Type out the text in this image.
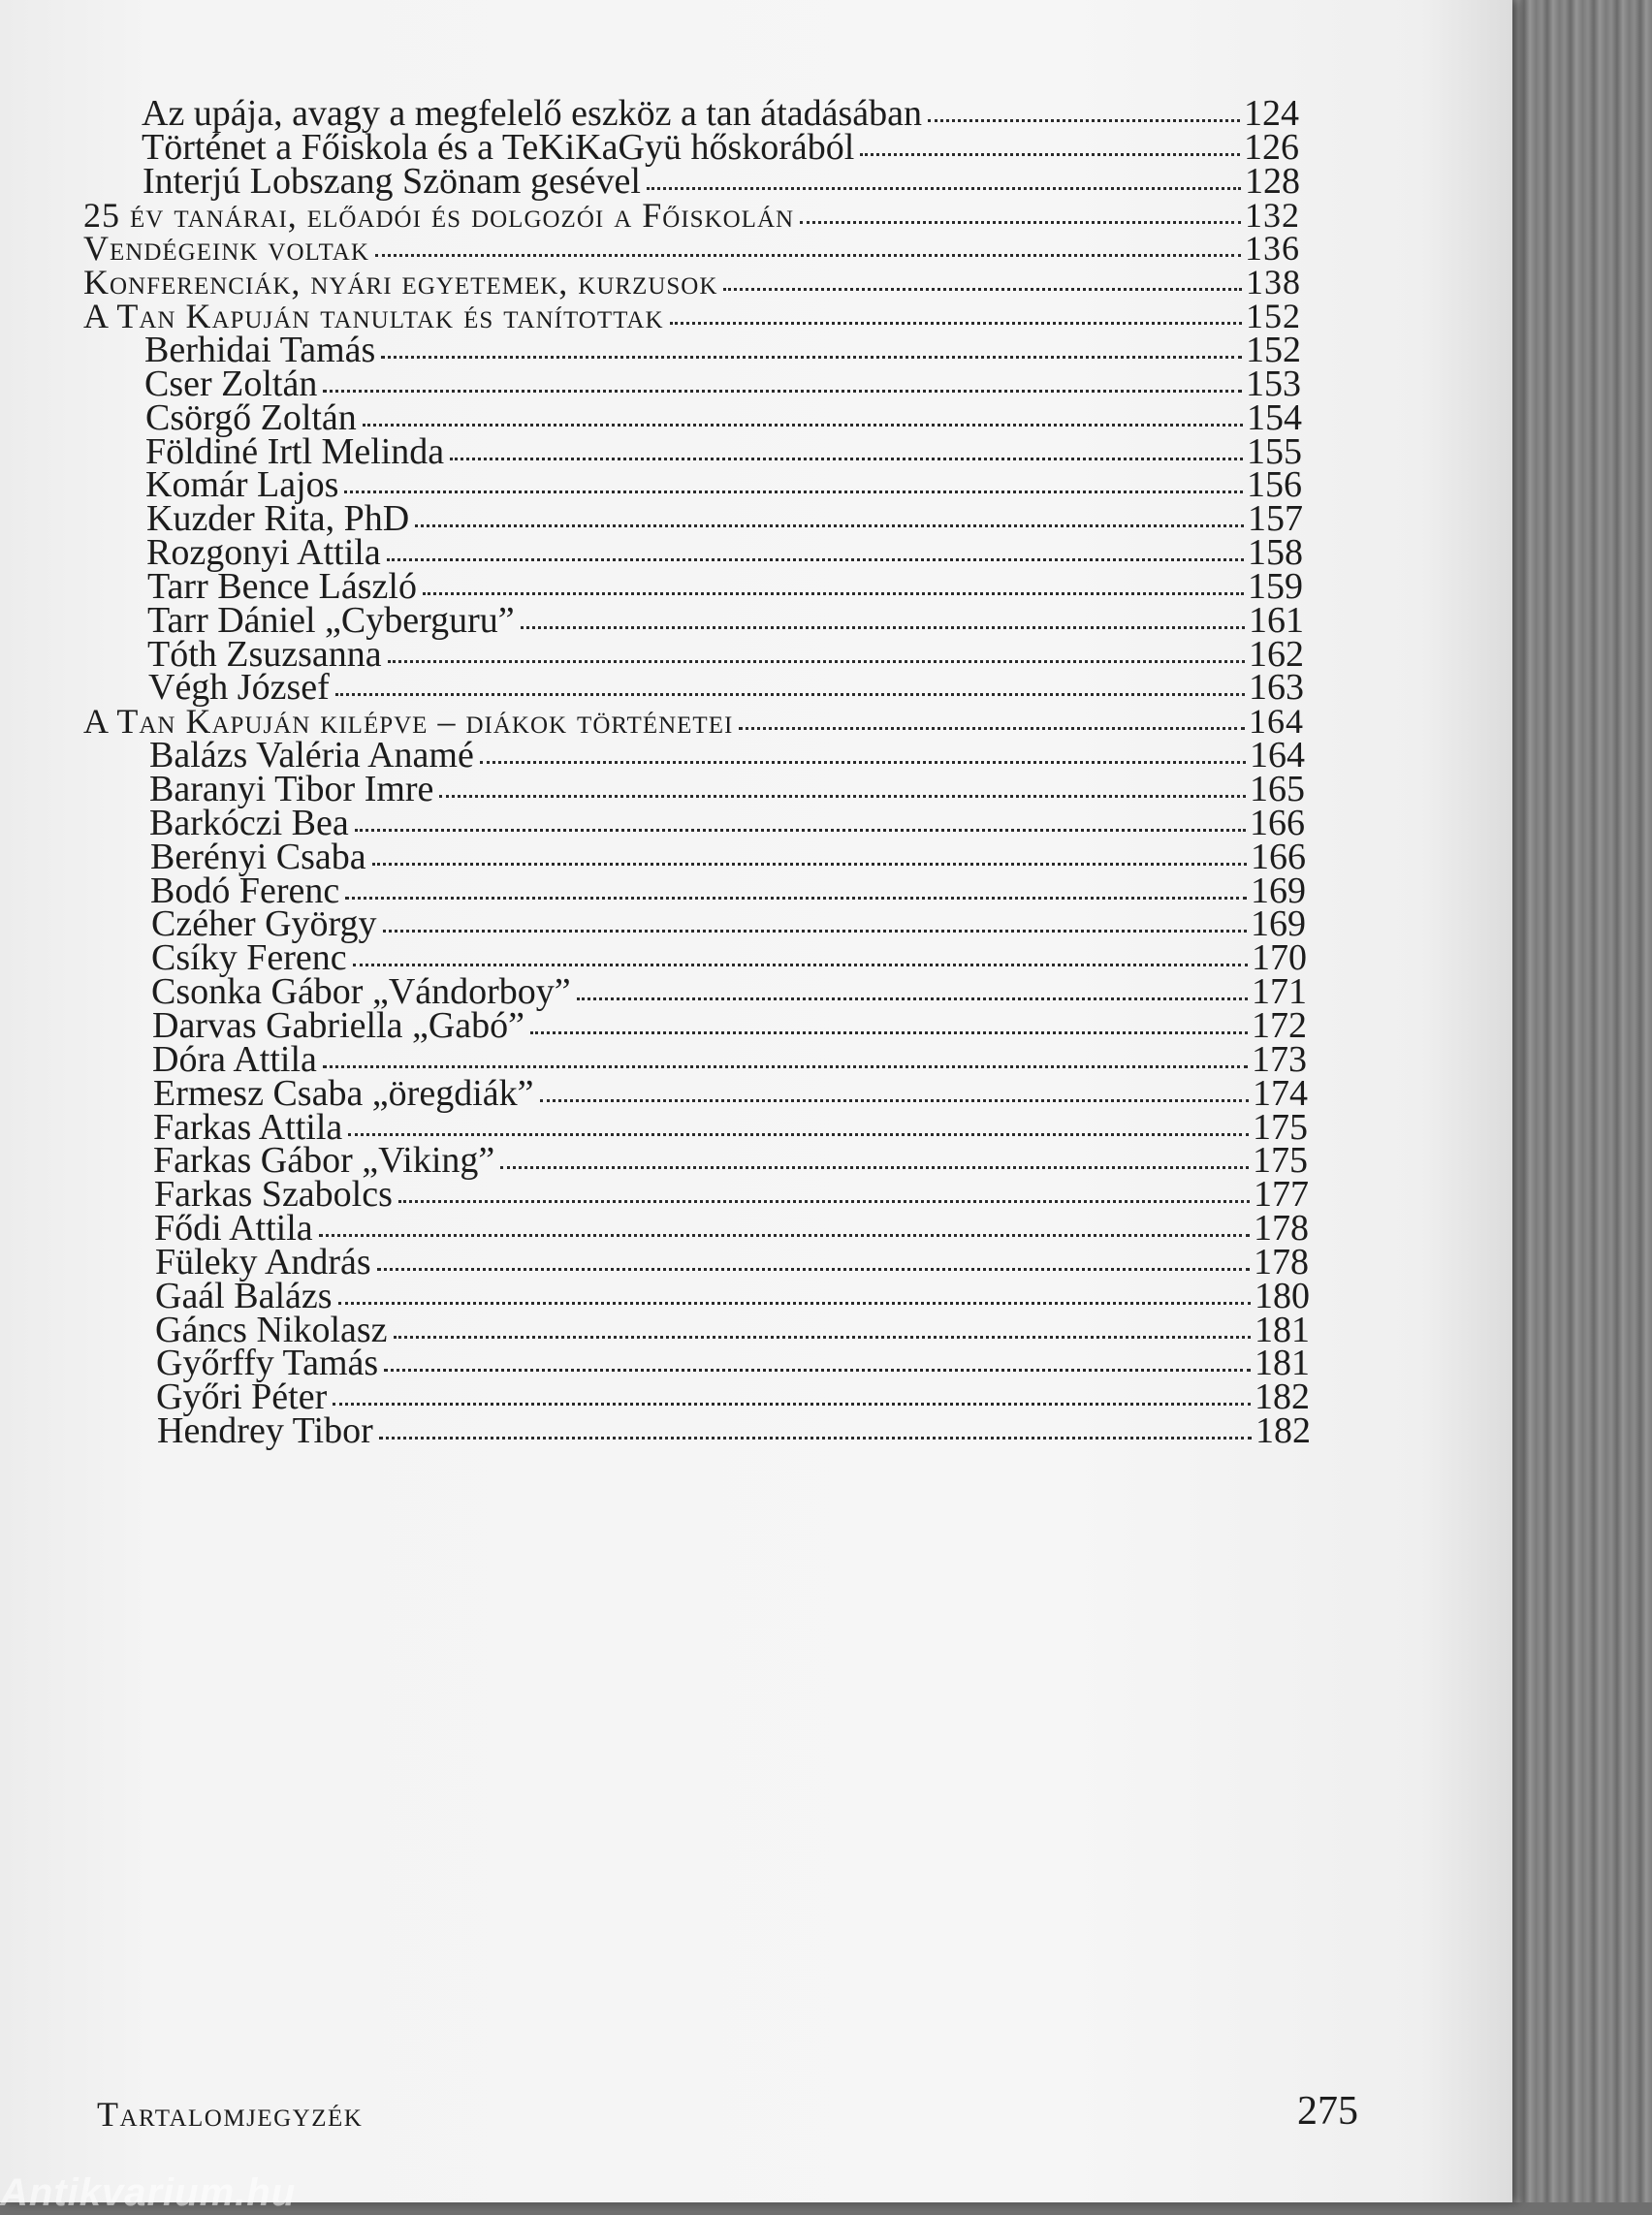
Az upája, avagy a megfelelő eszköz a tan átadásában	124
Történet a Főiskola és a TeKiKaGyü hőskorából	126
Interjú Lobszang Szönam gesével	128
25 év tanárai, előadói és dolgozói a Főiskolán	132
Vendégeink voltak	136
Konferenciák, nyári egyetemek, kurzusok	138
A Tan Kapuján tanultak és tanítottak	152
Berhidai Tamás	152
Cser Zoltán	153
Csörgő Zoltán	154
Földiné Irtl Melinda	155
Komár Lajos	156
Kuzder Rita, PhD	157
Rozgonyi Attila	158
Tarr Bence László	159
Tarr Dániel „Cyberguru”	161
Tóth Zsuzsanna	162
Végh József	163
A Tan Kapuján kilépve – diákok történetei	164
Balázs Valéria Anamé	164
Baranyi Tibor Imre	165
Barkóczi Bea	166
Berényi Csaba	166
Bodó Ferenc	169
Czéher György	169
Csíky Ferenc	170
Csonka Gábor „Vándorboy”	171
Darvas Gabriella „Gabó”	172
Dóra Attila	173
Ermesz Csaba „öregdiák”	174
Farkas Attila	175
Farkas Gábor „Viking”	175
Farkas Szabolcs	177
Fődi Attila	178
Füleky András	178
Gaál Balázs	180
Gáncs Nikolasz	181
Győrffy Tamás	181
Győri Péter	182
Hendrey Tibor	182
Tartalomjegyzék	275
Antikvarium.hu
